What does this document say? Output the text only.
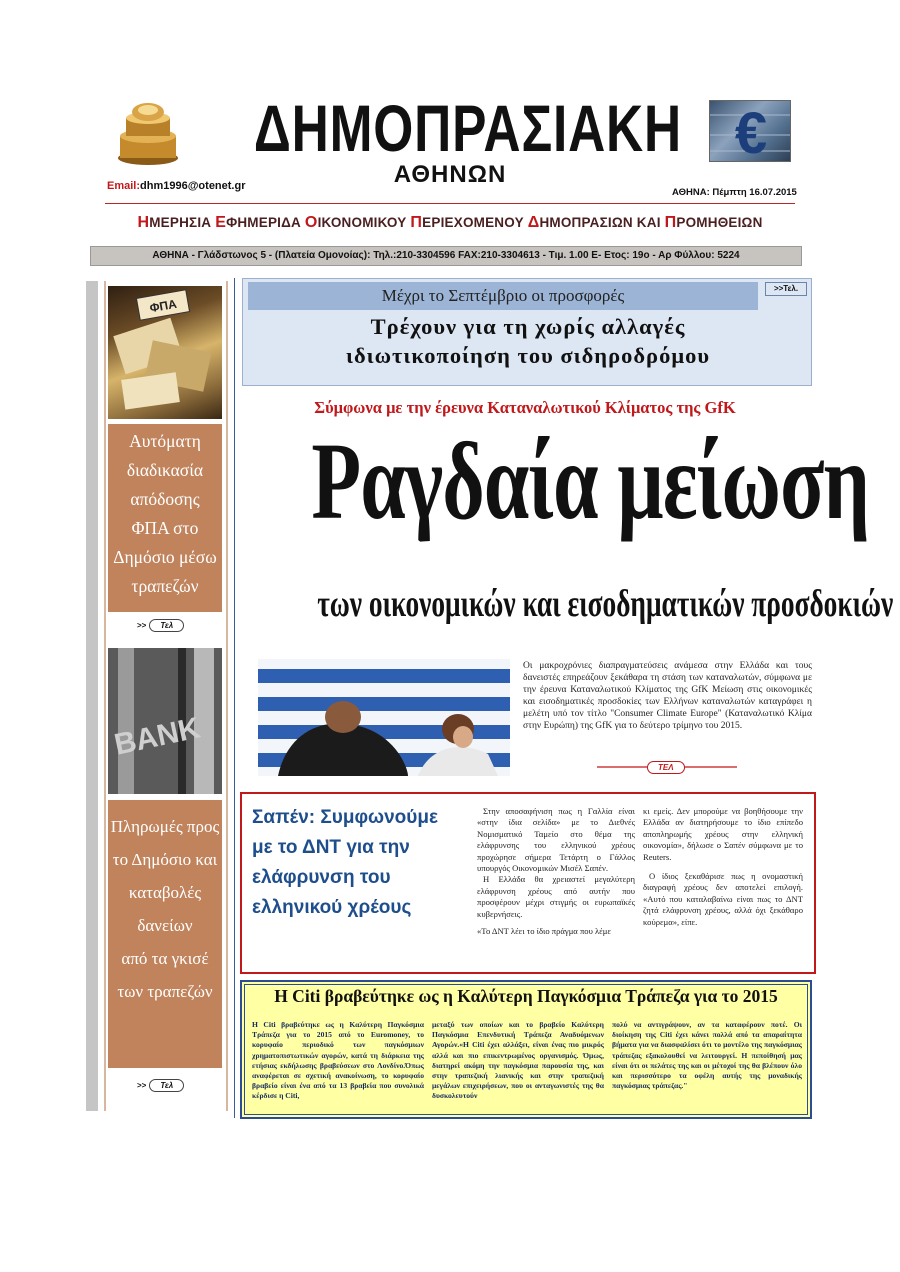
ΔΗΜΟΠΡΑΣΙΑΚΗ
ΑΘΗΝΩΝ
€
Email:dhm1996@otenet.gr
ΑΘΗΝΑ: Πέμπτη 16.07.2015
ΗΜΕΡΗΣΙΑ ΕΦΗΜΕΡΙΔΑ ΟΙΚΟΝΟΜΙΚΟΥ ΠΕΡΙΕΧΟΜΕΝΟΥ ΔΗΜΟΠΡΑΣΙΩΝ ΚΑΙ ΠΡΟΜΗΘΕΙΩΝ
ΑΘΗΝΑ - Γλάδστωνος 5 - (Πλατεία Ομονοίας): Τηλ.:210-3304596 FAX:210-3304613 - Τιμ. 1.00 Ε- Ετος: 19ο - Αρ Φύλλου: 5224
ΦΠΑ
Αυτόματη
διαδικασία
απόδοσης
ΦΠΑ στο
Δημόσιο μέσω
τραπεζών
>>	Τελ
BANK
Πληρωμές προς
το Δημόσιο και
καταβολές
δανείων
από τα γκισέ
των τραπεζών
>>	Τελ
Μέχρι το Σεπτέμβριο οι προσφορές	>>Τελ.
Τρέχουν για τη χωρίς αλλαγές
ιδιωτικοποίηση του σιδηροδρόμου
Σύμφωνα με την έρευνα Καταναλωτικού Κλίματος της GfK
Ραγδαία μείωση
των οικονομικών και εισοδηματικών προσδοκιών
Οι μακροχρόνιες διαπραγματεύσεις ανάμεσα στην Ελλάδα και τους δανειστές επηρεάζουν ξεκάθαρα τη στάση των καταναλωτών, σύμφωνα με την έρευνα Καταναλωτικού Κλίματος της GfK Μείωση στις οικονομικές και εισοδηματικές προσδοκίες των Ελλήνων καταναλωτών καταγράφει η μελέτη υπό τον τίτλο "Consumer Climate Europe" (Καταναλωτικό Κλίμα στην Ευρώπη) της GfK για το δεύτερο τρίμηνο του 2015.
ΤΕΛ
Σαπέν: Συμφωνούμε
με το ΔΝΤ για την
ελάφρυνση του
ελληνικού χρέους

Στην αποσαφήνιση πως η Γαλλία είναι «στην ίδια σελίδα» με το Διεθνές Νομισματικό Ταμείο στο θέμα της ελάφρυνσης του ελληνικού χρέους προχώρησε σήμερα Τετάρτη ο Γάλλος υπουργός Οικονομικών Μισέλ Σαπέν.

Η Ελλάδα θα χρειαστεί μεγαλύτερη ελάφρυνση χρέους από αυτήν που προσφέρουν μέχρι στιγμής οι ευρωπαϊκές κυβερνήσεις.

«Το ΔΝΤ λέει το ίδιο πράγμα που λέμε

κι εμείς. Δεν μπορούμε να βοηθήσουμε την Ελλάδα αν διατηρήσουμε το ίδιο επίπεδο αποπληρωμής χρέους στην ελληνική οικονομία», δήλωσε ο Σαπέν σύμφωνα με το Reuters.

Ο ίδιος ξεκαθάρισε πως η ονομαστική διαγραφή χρέους δεν αποτελεί επιλογή. «Αυτό που καταλαβαίνω είναι πως το ΔΝΤ ζητά ελάφρυνση χρέους, αλλά όχι ξεκάθαρο κούρεμα», είπε.

Η Citi βραβεύτηκε ως η Καλύτερη Παγκόσμια Τράπεζα για το 2015
Η Citi βραβεύτηκε ως η Καλύτερη Παγκόσμια Τράπεζα για το 2015 από το Euromoney, το κορυφαίο περιοδικό των παγκόσμιων χρηματοπιστωτικών αγορών, κατά τη διάρκεια της ετήσιας εκδήλωσης βραβεύσεων στο Λονδίνο.Όπως αναφέρεται σε σχετική ανακοίνωση, το κορυφαίο βραβείο είναι ένα από τα 13 βραβεία που συνολικά κέρδισε η Citi,
μεταξύ των οποίων και το βραβείο Καλύτερη Παγκόσμια Επενδυτική Τράπεζα Αναδυόμενων Αγορών.«Η Citi έχει αλλάξει, είναι ένας πιο μικρός αλλά και πιο επικεντρωμένος οργανισμός. Όμως, διατηρεί ακόμη την παγκόσμια παρουσία της, και στην τραπεζική λιανικής και στην τραπεζική μεγάλων επιχειρήσεων, που οι ανταγωνιστές της θα δυσκολευτούν
πολύ να αντιγράψουν, αν τα καταφέρουν ποτέ. Οι διοίκηση της Citi έχει κάνει πολλά από τα απαραίτητα βήματα για να διασφαλίσει ότι το μοντέλο της παγκόσμιας τράπεζας εξακολουθεί να λειτουργεί. Η πεποίθησή μας είναι ότι οι πελάτες της και οι μέτοχοί της θα βλέπουν όλο και περισσότερο τα οφέλη αυτής της μοναδικής παγκόσμιας τράπεζας."
